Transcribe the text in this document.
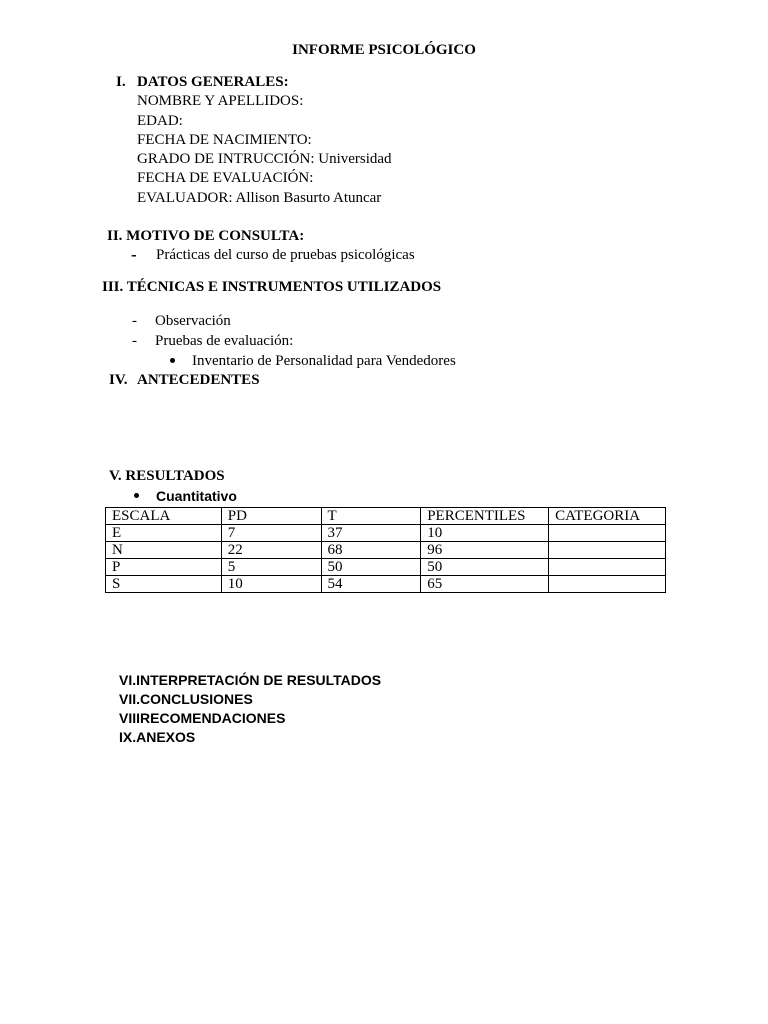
INFORME PSICOLÓGICO
I. DATOS GENERALES:
NOMBRE Y APELLIDOS:
EDAD:
FECHA DE NACIMIENTO:
GRADO DE INTRUCCIÓN: Universidad
FECHA DE EVALUACIÓN:
EVALUADOR: Allison Basurto Atuncar
II. MOTIVO DE CONSULTA:
- Prácticas del curso de pruebas psicológicas
III. TÉCNICAS E INSTRUMENTOS UTILIZADOS
- Observación
- Pruebas de evaluación:
Inventario de Personalidad para Vendedores
IV. ANTECEDENTES
V. RESULTADOS
Cuantitativo
ESCALA	PD	T	PERCENTILES	CATEGORIA
E	7	37	10	
N	22	68	96	
P	5	50	50	
S	10	54	65	
VI.INTERPRETACIÓN DE RESULTADOS
VII.CONCLUSIONES
VIIIRECOMENDACIONES
IX.ANEXOS
